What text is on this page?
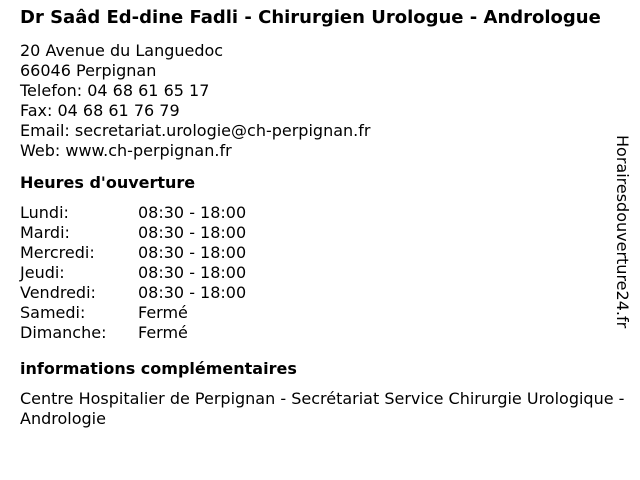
Dr Saâd Ed-dine Fadli - Chirurgien Urologue - Andrologue
20 Avenue du Languedoc
66046 Perpignan
Telefon: 04 68 61 65 17
Fax: 04 68 61 76 79
Email: secretariat.urologie@ch-perpignan.fr
Web: www.ch-perpignan.fr
Heures d'ouverture
Lundi:	08:30 - 18:00
Mardi:	08:30 - 18:00
Mercredi:	08:30 - 18:00
Jeudi:	08:30 - 18:00
Vendredi:	08:30 - 18:00
Samedi:	Fermé
Dimanche:	Fermé
informations complémentaires
Centre Hospitalier de Perpignan - Secrétariat Service Chirurgie Urologique - Andrologie
Horairesdouverture24.fr
